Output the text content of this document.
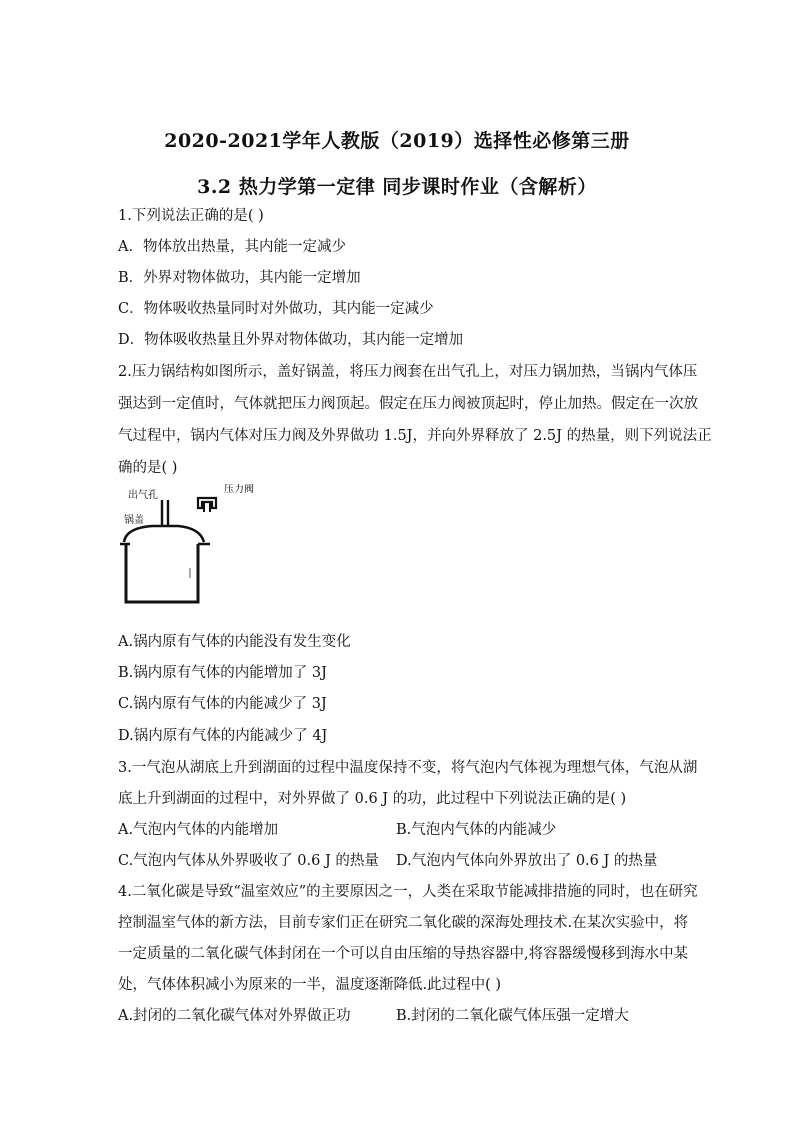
2020-2021学年人教版（2019）选择性必修第三册
3.2 热力学第一定律 同步课时作业（含解析）
1.下列说法正确的是( )
A．物体放出热量，其内能一定减少
B．外界对物体做功，其内能一定增加
C．物体吸收热量同时对外做功，其内能一定减少
D．物体吸收热量且外界对物体做功，其内能一定增加
2.压力锅结构如图所示，盖好锅盖，将压力阀套在出气孔上，对压力锅加热，当锅内气体压
强达到一定值时，气体就把压力阀顶起。假定在压力阀被顶起时，停止加热。假定在一次放
气过程中，锅内气体对压力阀及外界做功 1.5J，并向外界释放了 2.5J 的热量，则下列说法正
确的是( )
出气孔
压力阀
锅盖
A.锅内原有气体的内能没有发生变化
B.锅内原有气体的内能增加了 3J
C.锅内原有气体的内能减少了 3J
D.锅内原有气体的内能减少了 4J
3.一气泡从湖底上升到湖面的过程中温度保持不变，将气泡内气体视为理想气体，气泡从湖
底上升到湖面的过程中，对外界做了 0.6 J 的功，此过程中下列说法正确的是( )
A.气泡内气体的内能增加	B.气泡内气体的内能减少
C.气泡内气体从外界吸收了 0.6 J 的热量 D.气泡内气体向外界放出了 0.6 J 的热量
4.二氧化碳是导致“温室效应”的主要原因之一，人类在采取节能减排措施的同时，也在研究
控制温室气体的新方法，目前专家们正在研究二氧化碳的深海处理技术.在某次实验中，将
一定质量的二氧化碳气体封闭在一个可以自由压缩的导热容器中,将容器缓慢移到海水中某
处，气体体积减小为原来的一半，温度逐渐降低.此过程中( )
A.封闭的二氧化碳气体对外界做正功	B.封闭的二氧化碳气体压强一定增大
